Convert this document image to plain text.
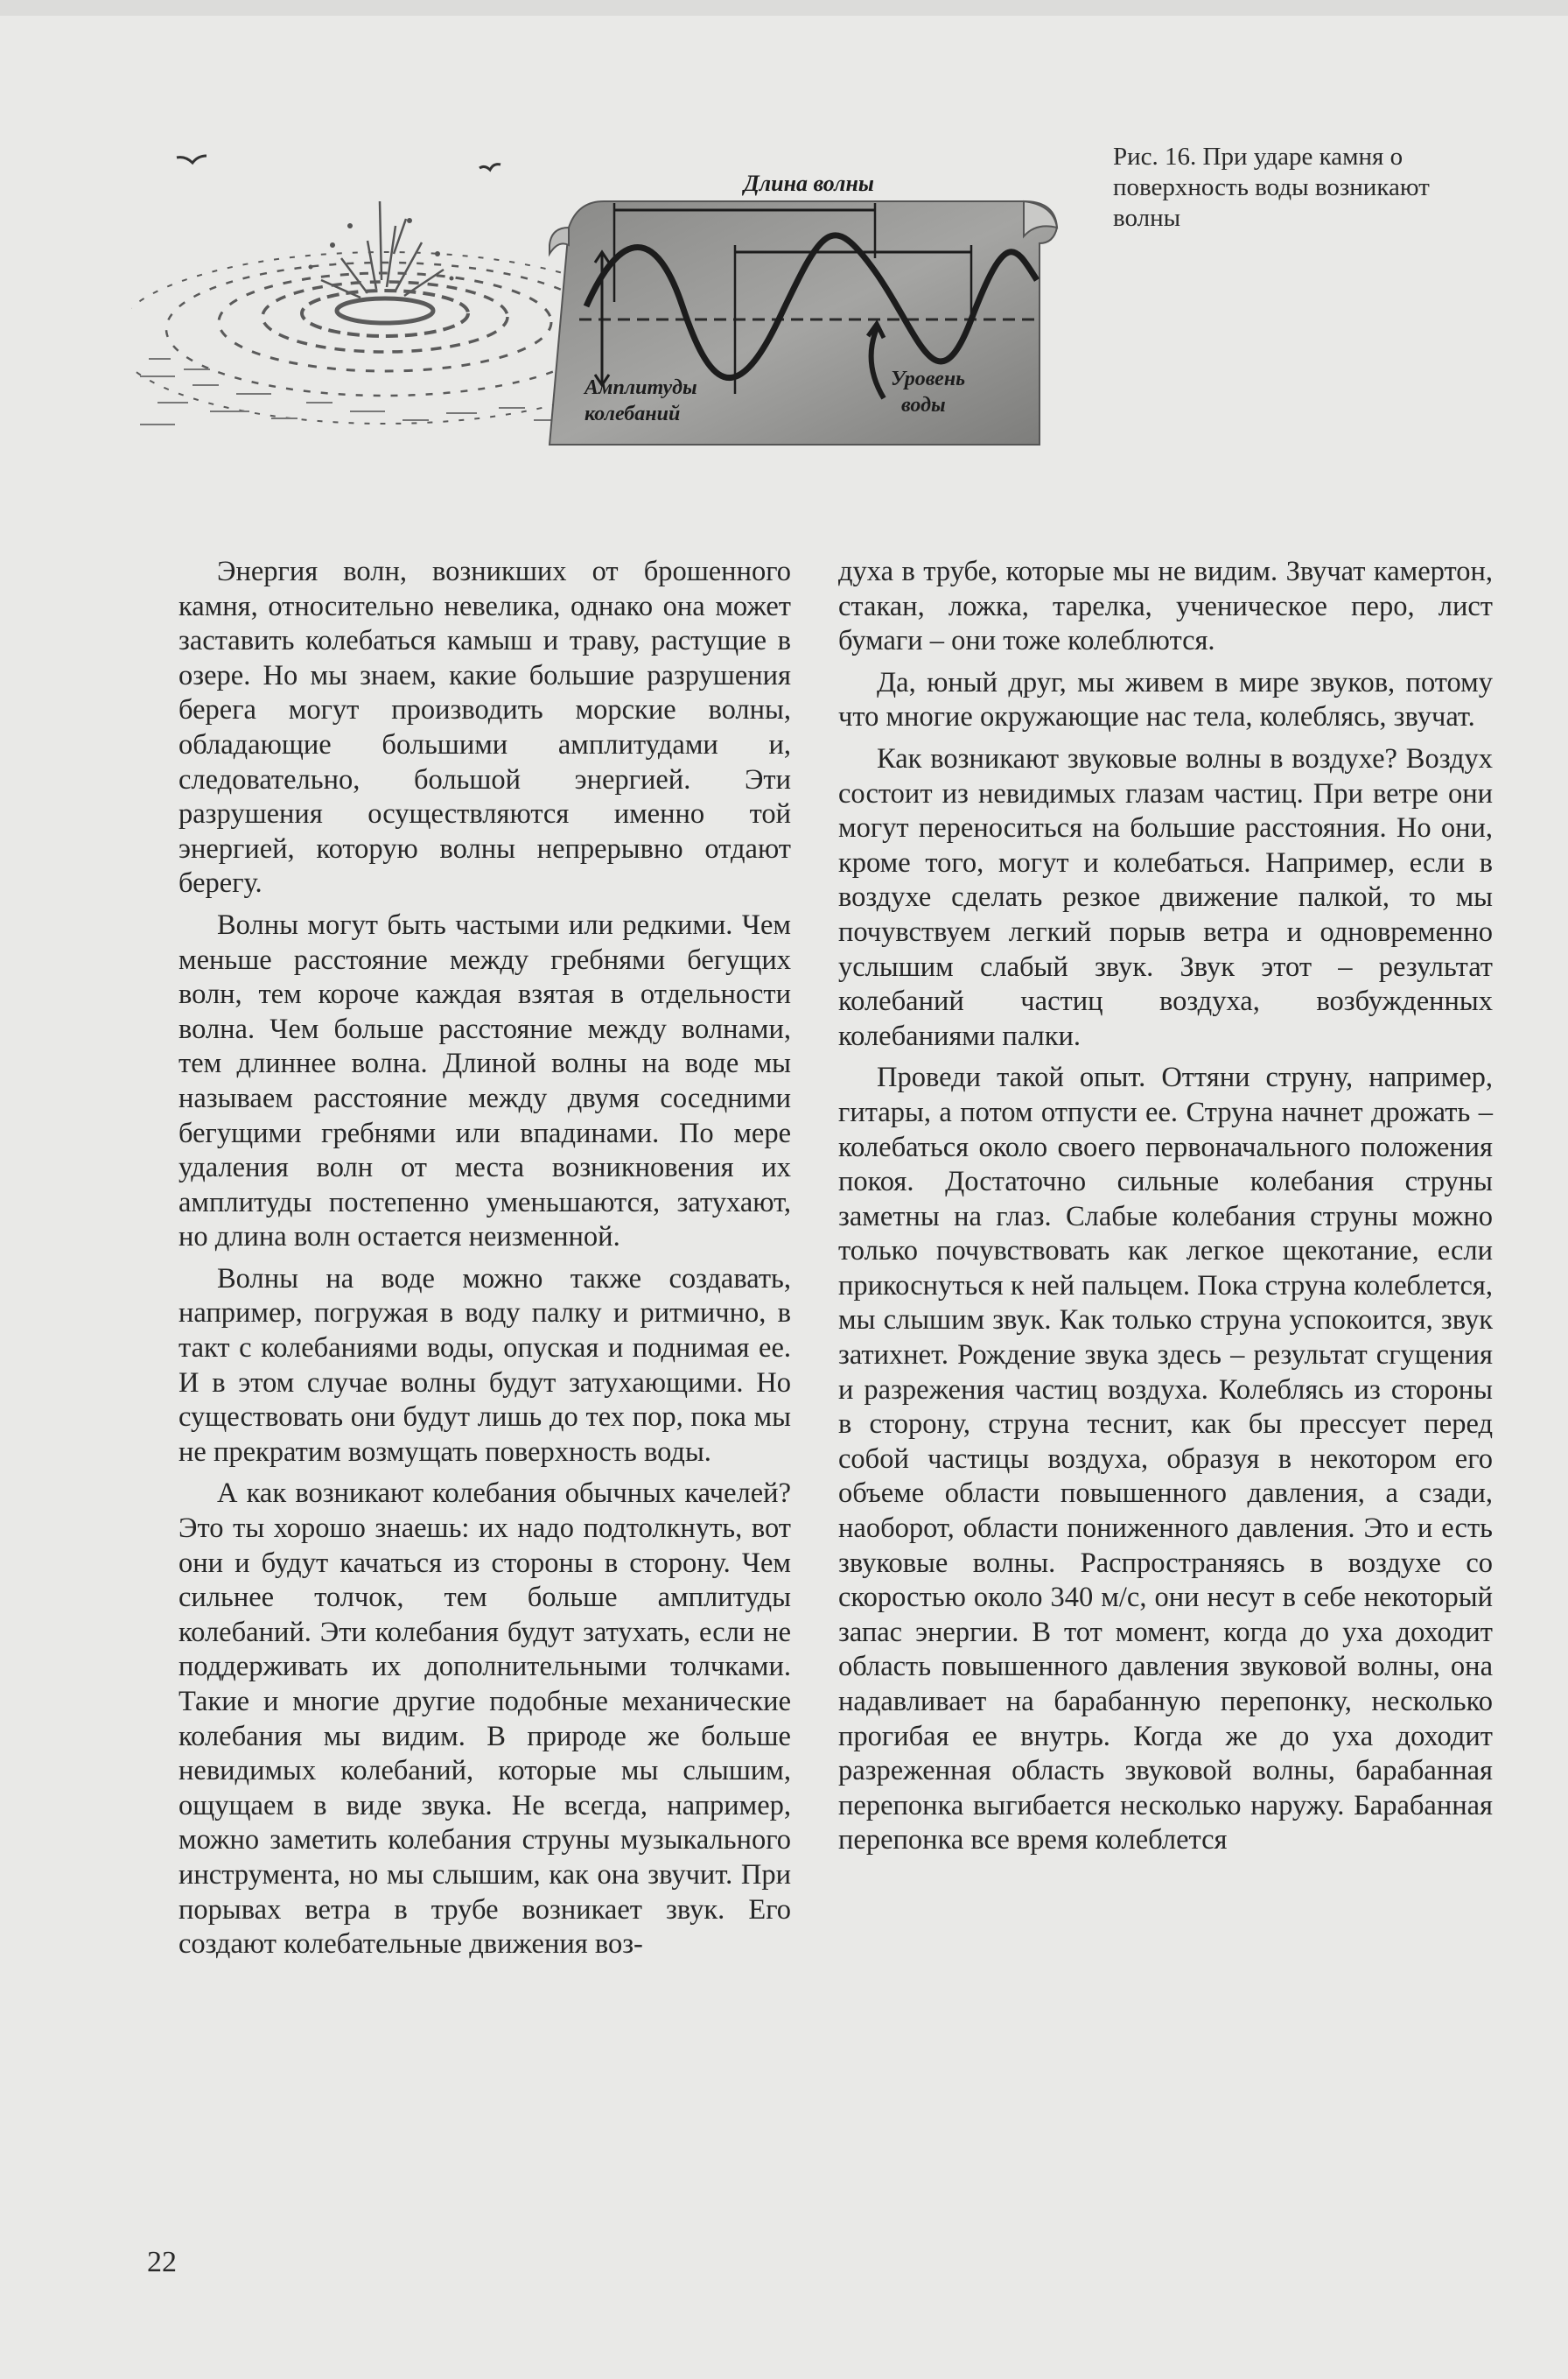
Длина волны
Амплитуды
колебаний
Уровень
воды
Рис. 16. При ударе камня о поверхность воды возникают волны

Энергия волн, возникших от брошенного камня, относительно невелика, однако она может заставить колебаться камыш и траву, растущие в озере. Но мы знаем, какие большие разрушения берега могут производить морские волны, обладающие большими амплитудами и, следовательно, большой энергией. Эти разрушения осуществляются именно той энергией, которую волны непрерывно отдают берегу.

Волны могут быть частыми или редкими. Чем меньше расстояние между гребнями бегущих волн, тем короче каждая взятая в отдельности волна. Чем больше расстояние между волнами, тем длиннее волна. Длиной волны на воде мы называем расстояние между двумя соседними бегущими гребнями или впадинами. По мере удаления волн от места возникновения их амплитуды постепенно уменьшаются, затухают, но длина волн остается неизменной.

Волны на воде можно также создавать, например, погружая в воду палку и ритмично, в такт с колебаниями воды, опуская и поднимая ее. И в этом случае волны будут затухающими. Но существовать они будут лишь до тех пор, пока мы не прекратим возмущать поверхность воды.

А как возникают колебания обычных качелей? Это ты хорошо знаешь: их надо подтолкнуть, вот они и будут качаться из стороны в сторону. Чем сильнее толчок, тем больше амплитуды колебаний. Эти колебания будут затухать, если не поддерживать их дополнительными толчками. Такие и многие другие подобные механические колебания мы видим. В природе же больше невидимых колебаний, которые мы слышим, ощущаем в виде звука. Не всегда, например, можно заметить колебания струны музыкального инструмента, но мы слышим, как она звучит. При порывах ветра в трубе возникает звук. Его создают колебательные движения воз-

духа в трубе, которые мы не видим. Звучат камертон, стакан, ложка, тарелка, ученическое перо, лист бумаги – они тоже колеблются.

Да, юный друг, мы живем в мире звуков, потому что многие окружающие нас тела, колеблясь, звучат.

Как возникают звуковые волны в воздухе? Воздух состоит из невидимых глазам частиц. При ветре они могут переноситься на большие расстояния. Но они, кроме того, могут и колебаться. Например, если в воздухе сделать резкое движение палкой, то мы почувствуем легкий порыв ветра и одновременно услышим слабый звук. Звук этот – результат колебаний частиц воздуха, возбужденных колебаниями палки.

Проведи такой опыт. Оттяни струну, например, гитары, а потом отпусти ее. Струна начнет дрожать – колебаться около своего первоначального положения покоя. Достаточно сильные колебания струны заметны на глаз. Слабые колебания струны можно только почувствовать как легкое щекотание, если прикоснуться к ней пальцем. Пока струна колеблется, мы слышим звук. Как только струна успокоится, звук затихнет. Рождение звука здесь – результат сгущения и разрежения частиц воздуха. Колеблясь из стороны в сторону, струна теснит, как бы прессует перед собой частицы воздуха, образуя в некотором его объеме области повышенного давления, а сзади, наоборот, области пониженного давления. Это и есть звуковые волны. Распространяясь в воздухе со скоростью около 340 м/с, они несут в себе некоторый запас энергии. В тот момент, когда до уха доходит область повышенного давления звуковой волны, она надавливает на барабанную перепонку, несколько прогибая ее внутрь. Когда же до уха доходит разреженная область звуковой волны, барабанная перепонка выгибается несколько наружу. Барабанная перепонка все время колеблется

22
